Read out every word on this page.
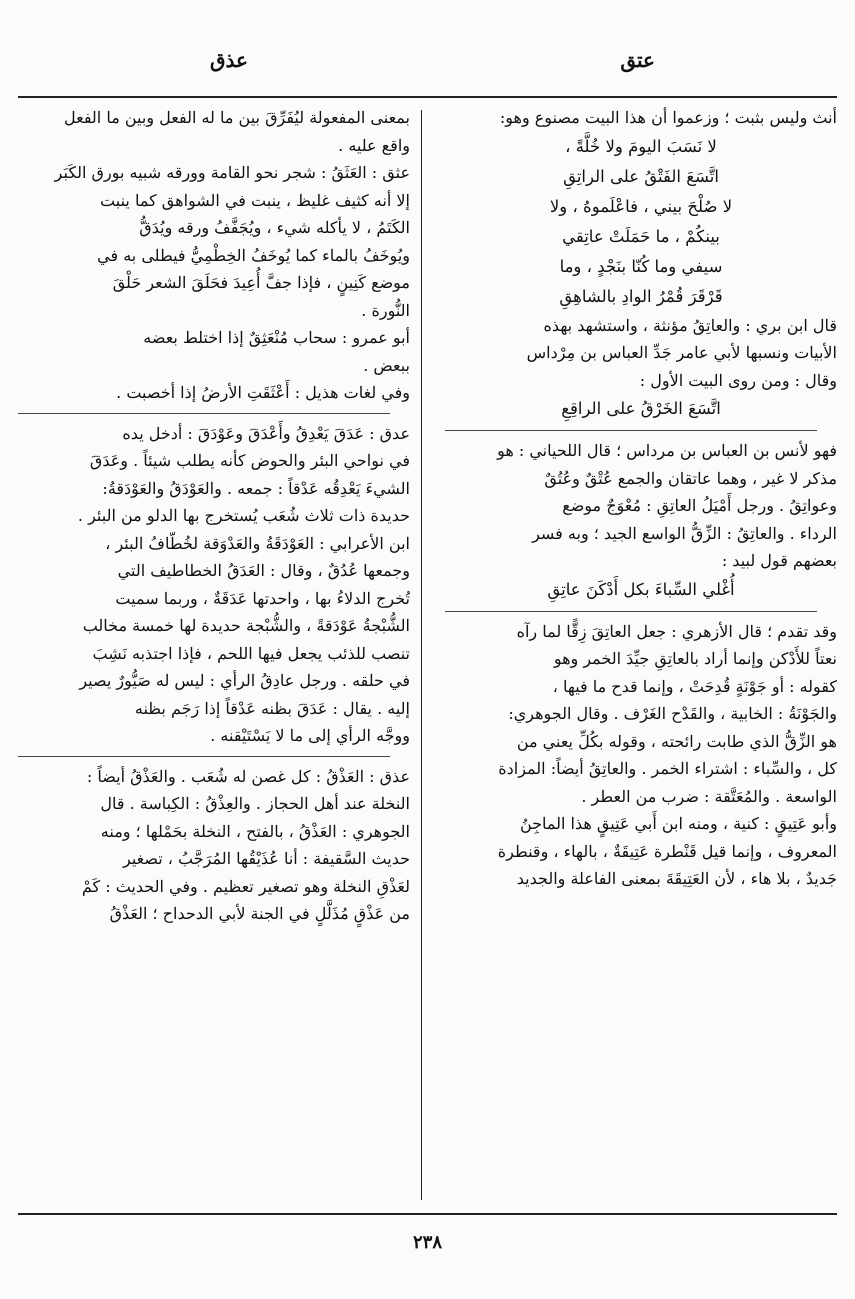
عتق
عذق

أنث وليس بثبت ؛ وزعموا أن هذا البيت مصنوع وهو:

لا نَسَبَ اليومَ ولا خُلَّةً ،

اتَّسَعَ الفَتْقُ على الراتِقِ

لا صُلْحَ بيني ، فاعْلَموهُ ، ولا

بينكُمْ ، ما حَمَلَتْ عاتِقي

سيفي وما كُنّا بنَجْدٍ ، وما

قَرْقَرَ قُمْرُ الوادِ بالشاهِقِ

قال ابن بري : والعاتِقُ مؤنثة ، واستشهد بهذه

الأبيات ونسبها لأبي عامر جَدِّ العباس بن مِرْداس

وقال : ومن روى البيت الأول :

اتَّسَعَ الخَرْقُ على الراقِعِ

فهو لأنس بن العباس بن مرداس ؛ قال اللحياني : هو

مذكر لا غير ، وهما عاتقان والجمع عُتْقٌ وعُتُقٌ

وعواتِقُ . ورجل أَمْيَلُ العاتِقِ : مُعْوَجٌ موضع

الرداء . والعاتِقُ : الزِّقُّ الواسع الجيد ؛ وبه فسر

بعضهم قول لبيد :

أُغْلي السِّباءَ بكل أَدْكَنَ عاتِقِ

وقد تقدم ؛ قال الأزهري : جعل العاتِقَ زِقًّا لما رآه

نعتاً للأَدْكن وإنما أراد بالعاتِقِ جيِّدَ الخمر وهو

كقوله : أو جَوْنَةٍ قُدِحَتْ ، وإنما قدح ما فيها ،

والجَوْنَةُ : الخابية ، والقَدْح الغَرْف . وقال الجوهري:

هو الزِّقُّ الذي طابت رائحته ، وقوله بكُلِّ يعني من

كل ، والسِّباء : اشتراء الخمر . والعاتِقُ أيضاً: المزادة

الواسعة . والمُعَتَّقة : ضرب من العطر .

وأبو عَتِيقٍ : كنية ، ومنه ابن أَبي عَتِيقٍ هذا الماجِنُ

المعروف ، وإنما قيل قَنْطرة عَتِيقَةٌ ، بالهاء ، وقنطرة

جَديدٌ ، بلا هاء ، لأن العَتِيقَةَ بمعنى الفاعلة والجديد

بمعنى المفعولة ليُفَرِّقَ بين ما له الفعل وبين ما الفعل

واقع عليه .

عثق : العَثَقُ : شجر نحو القامة وورقه شبيه بورق الكَبَر

إلا أنه كثيف غليظ ، ينبت في الشواهق كما ينبت

الكَتَمُ ، لا يأكله شيء ، ويُجَفَّفُ ورقه ويُدَقُّ

ويُوخَفُ بالماء كما يُوخَفُ الخِطْمِيُّ فيطلى به في

موضع كَنِينٍ ، فإذا جفَّ أُعِيدَ فحَلَقَ الشعر حَلْقَ

النُّورة .

أبو عمرو : سحاب مُنْعَثِقٌ إذا اختلط بعضه

ببعض .

وفي لغات هذيل : أَعْثَقَتِ الأرضُ إذا أخصبت .

عدق : عَدَقَ يَعْدِقُ وأَعْدَقَ وعَوْدَقَ : أدخل يده

في نواحي البئر والحوض كأنه يطلب شيئاً . وعَدَقَ

الشيءَ يَعْدِقُه عَدْقاً : جمعه . والعَوْدَقُ والعَوْدَقةُ:

حديدة ذات ثلاث شُعَب يُستخرج بها الدلو من البئر .

ابن الأعرابي : العَوْدَقَةُ والعَدْوَقة لخُطّافُ البئر ،

وجمعها عُدُقٌ ، وقال : العَدَقُ الخطاطيف التي

تُخرج الدلاءُ بها ، واحدتها عَدَقَةٌ ، وربما سميت

الشُّبْجةُ عَوْدَقةً ، والشُّبْجة حديدة لها خمسة مخالب

تنصب للذئب يجعل فيها اللحم ، فإذا اجتذبه نَشِبَ

في حلقه . ورجل عادِقُ الرأي : ليس له صَيُّورٌ يصير

إليه . يقال : عَدَقَ بظنه عَدْقاً إذا رَجَم بظنه

ووجَّه الرأي إلى ما لا يَسْتَيْقنه .

عذق : العَذْقُ : كل غصن له شُعَب . والعَذْقُ أيضاً :

النخلة عند أهل الحجاز . والعِذْقُ : الكِباسة . قال

الجوهري : العَذْقُ ، بالفتح ، النخلة بحَمْلها ؛ ومنه

حديث السَّقيفة : أنا عُذَيْقُها المُرَجَّبُ ، تصغير

لعَذْقِ النخلة وهو تصغير تعظيم . وفي الحديث : كَمْ

من عَذْقٍ مُذَلَّلٍ في الجنة لأبي الدحداح ؛ العَذْقُ

٢٣٨
